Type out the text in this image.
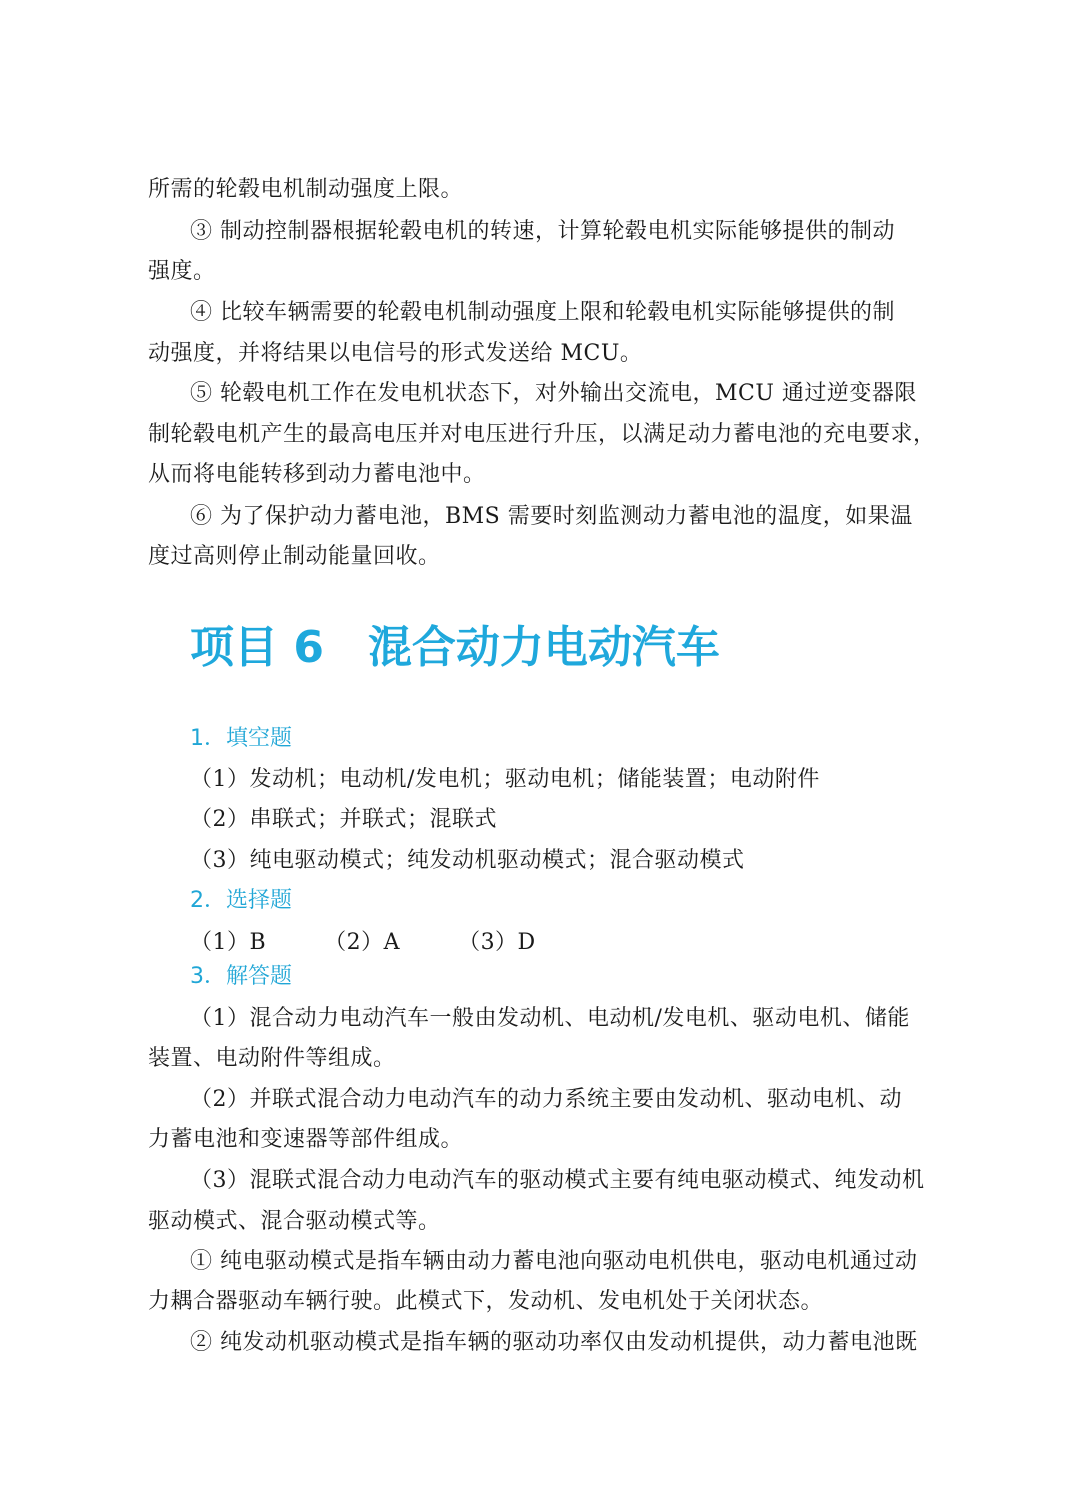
所需的轮毂电机制动强度上限。
③ 制动控制器根据轮毂电机的转速，计算轮毂电机实际能够提供的制动
强度。
④ 比较车辆需要的轮毂电机制动强度上限和轮毂电机实际能够提供的制
动强度，并将结果以电信号的形式发送给 MCU。
⑤ 轮毂电机工作在发电机状态下，对外输出交流电，MCU 通过逆变器限
制轮毂电机产生的最高电压并对电压进行升压，以满足动力蓄电池的充电要求，
从而将电能转移到动力蓄电池中。
⑥ 为了保护动力蓄电池，BMS 需要时刻监测动力蓄电池的温度，如果温
度过高则停止制动能量回收。
项目 6 混合动力电动汽车
1．填空题
（1）发动机；电动机/发电机；驱动电机；储能装置；电动附件
（2）串联式；并联式；混联式
（3）纯电驱动模式；纯发动机驱动模式；混合驱动模式
2．选择题
（1）B	（2）A	（3）D
3．解答题
（1）混合动力电动汽车一般由发动机、电动机/发电机、驱动电机、储能
装置、电动附件等组成。
（2）并联式混合动力电动汽车的动力系统主要由发动机、驱动电机、动
力蓄电池和变速器等部件组成。
（3）混联式混合动力电动汽车的驱动模式主要有纯电驱动模式、纯发动机
驱动模式、混合驱动模式等。
① 纯电驱动模式是指车辆由动力蓄电池向驱动电机供电，驱动电机通过动
力耦合器驱动车辆行驶。此模式下，发动机、发电机处于关闭状态。
② 纯发动机驱动模式是指车辆的驱动功率仅由发动机提供，动力蓄电池既
